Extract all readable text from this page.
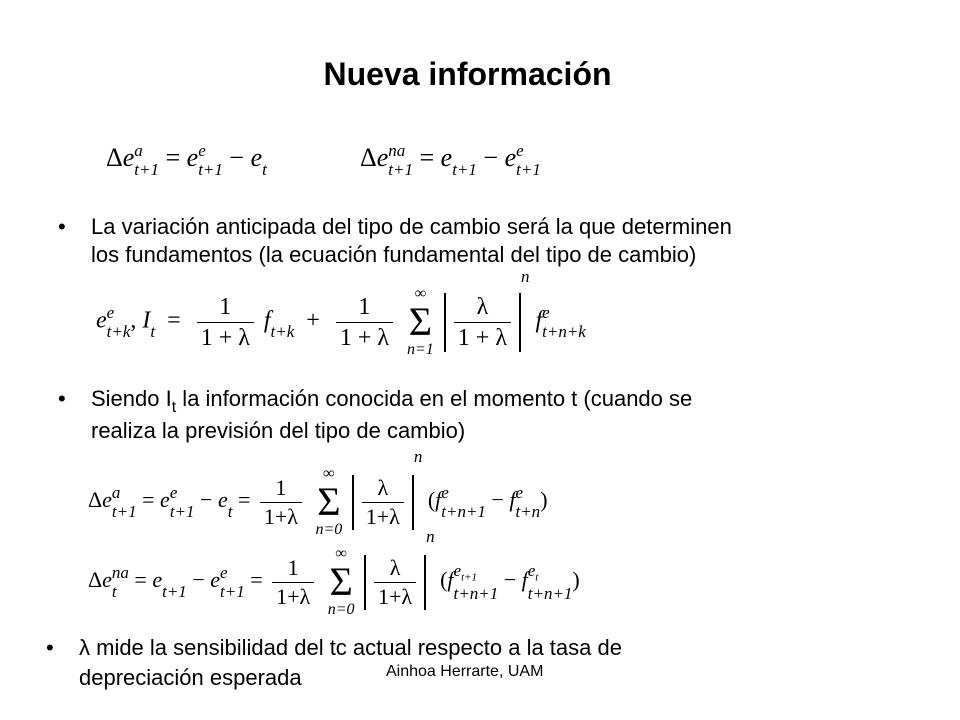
Nueva información
Δe a
t+1 = e e
t+1 − e
t	Δe na
t+1 = e
t+1 − e e
t+1
• La variación anticipada del tipo de cambio será la que determinen
los fundamentos (la ecuación fundamental del tipo de cambio)
e e
t+k , I
$t = \frac{1}{1 + \lambda}$ f
$t+k + \frac{1}{1 + \lambda}$

∞
Σ
n=1
$\frac{\lambda}{1 + \lambda}$
n f e
t+n+k
• Siendo $I_t$ la información conocida en el momento t (cuando se
realiza la previsión del tipo de cambio)
Δe a
t+1 = e e
t+1 − e
$t = \frac{1}{1+\lambda}$

∞
Σ
n=0

$\frac{\lambda}{1+\lambda}$
n (f e
t+n+1 − f e
t+n )
Δe na
t = e
t+1 − e e
$t+1 = \frac{1}{1+\lambda}$

∞
Σ
n=0

$\frac{\lambda}{1+\lambda}$
n (f $e_{t+1}$
t+n+1
− f $e_t$
t+n+1
)
• λ mide la sensibilidad del tc actual respecto a la tasa de
depreciación esperada	Ainhoa Herrarte, UAM
